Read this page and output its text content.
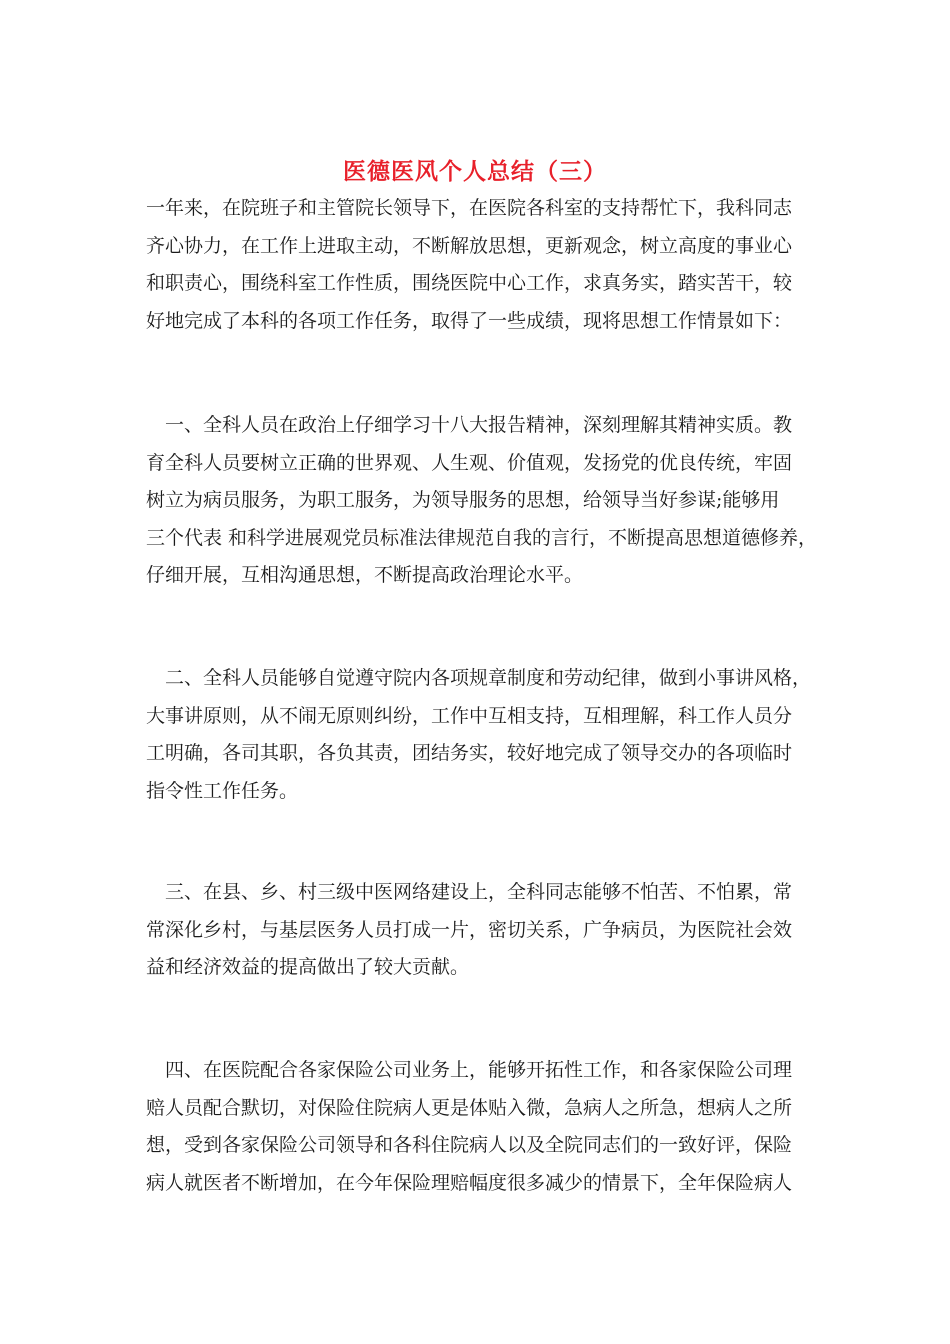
医德医风个人总结（三）
一年来，在院班子和主管院长领导下，在医院各科室的支持帮忙下，我科同志
齐心协力，在工作上进取主动，不断解放思想，更新观念，树立高度的事业心
和职责心，围绕科室工作性质，围绕医院中心工作，求真务实，踏实苦干，较
好地完成了本科的各项工作任务，取得了一些成绩，现将思想工作情景如下：
　一、全科人员在政治上仔细学习十八大报告精神，深刻理解其精神实质。教
育全科人员要树立正确的世界观、人生观、价值观，发扬党的优良传统，牢固
树立为病员服务，为职工服务，为领导服务的思想，给领导当好参谋;能够用
三个代表 和科学进展观党员标准法律规范自我的言行，不断提高思想道德修养，
仔细开展，互相沟通思想，不断提高政治理论水平。
　二、全科人员能够自觉遵守院内各项规章制度和劳动纪律，做到小事讲风格，
大事讲原则，从不闹无原则纠纷，工作中互相支持，互相理解，科工作人员分
工明确，各司其职，各负其责，团结务实，较好地完成了领导交办的各项临时
指令性工作任务。
　三、在县、乡、村三级中医网络建设上，全科同志能够不怕苦、不怕累，常
常深化乡村，与基层医务人员打成一片，密切关系，广争病员，为医院社会效
益和经济效益的提高做出了较大贡献。
　四、在医院配合各家保险公司业务上，能够开拓性工作，和各家保险公司理
赔人员配合默切，对保险住院病人更是体贴入微，急病人之所急，想病人之所
想，受到各家保险公司领导和各科住院病人以及全院同志们的一致好评，保险
病人就医者不断增加，在今年保险理赔幅度很多减少的情景下，全年保险病人
